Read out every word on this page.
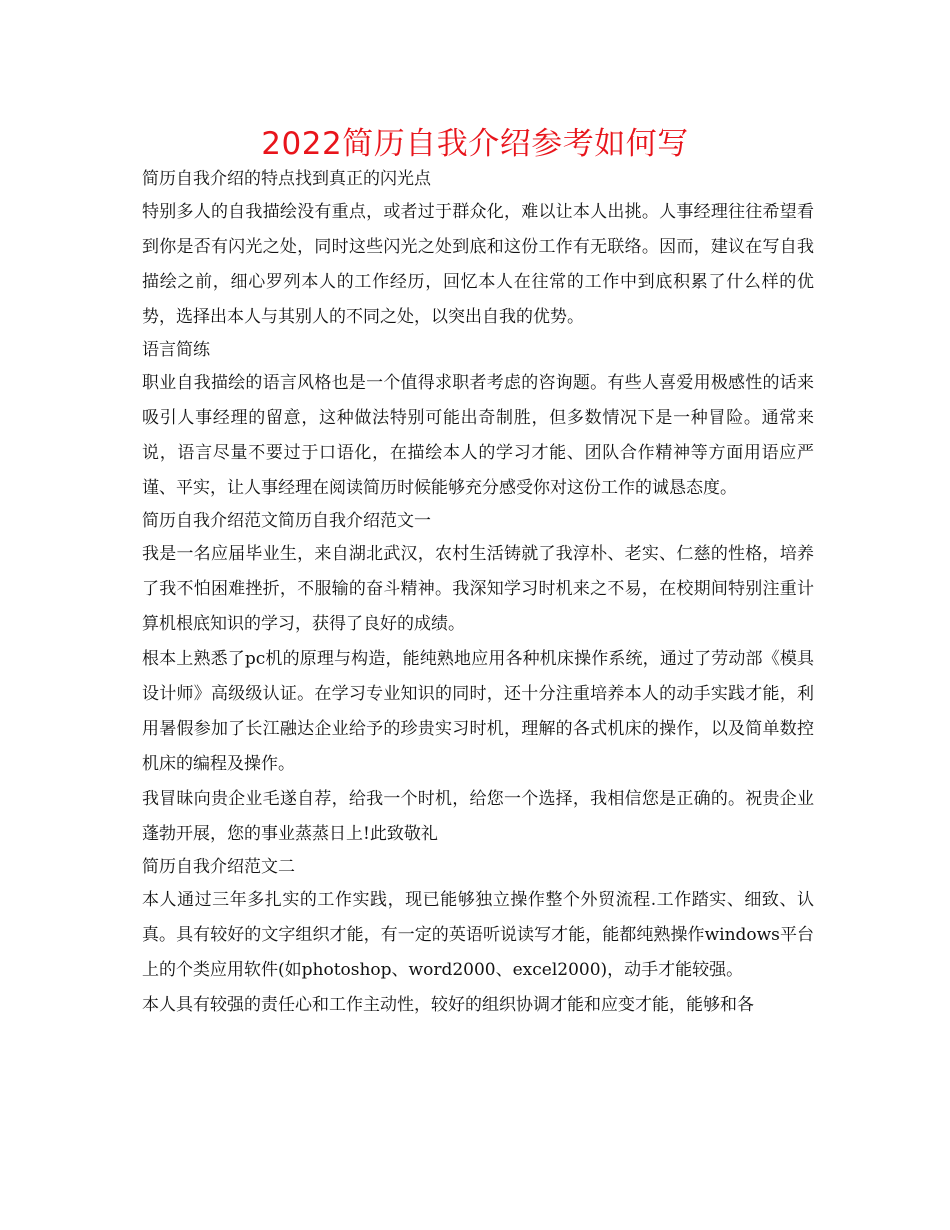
2022简历自我介绍参考如何写

简历自我介绍的特点找到真正的闪光点

特别多人的自我描绘没有重点，或者过于群众化，难以让本人出挑。人事经理往往希望看到你是否有闪光之处，同时这些闪光之处到底和这份工作有无联络。因而，建议在写自我描绘之前，细心罗列本人的工作经历，回忆本人在往常的工作中到底积累了什么样的优势，选择出本人与其别人的不同之处，以突出自我的优势。

语言简练

职业自我描绘的语言风格也是一个值得求职者考虑的咨询题。有些人喜爱用极感性的话来吸引人事经理的留意，这种做法特别可能出奇制胜，但多数情况下是一种冒险。通常来说，语言尽量不要过于口语化，在描绘本人的学习才能、团队合作精神等方面用语应严谨、平实，让人事经理在阅读简历时候能够充分感受你对这份工作的诚恳态度。

简历自我介绍范文简历自我介绍范文一

我是一名应届毕业生，来自湖北武汉，农村生活铸就了我淳朴、老实、仁慈的性格，培养了我不怕困难挫折，不服输的奋斗精神。我深知学习时机来之不易，在校期间特别注重计算机根底知识的学习，获得了良好的成绩。

根本上熟悉了pc机的原理与构造，能纯熟地应用各种机床操作系统，通过了劳动部《模具设计师》高级级认证。在学习专业知识的同时，还十分注重培养本人的动手实践才能，利用暑假参加了长江融达企业给予的珍贵实习时机，理解的各式机床的操作，以及简单数控机床的编程及操作。

我冒昧向贵企业毛遂自荐，给我一个时机，给您一个选择，我相信您是正确的。祝贵企业蓬勃开展，您的事业蒸蒸日上!此致敬礼

简历自我介绍范文二

本人通过三年多扎实的工作实践，现已能够独立操作整个外贸流程.工作踏实、细致、认真。具有较好的文字组织才能，有一定的英语听说读写才能，能都纯熟操作windows平台上的个类应用软件(如photoshop、word2000、excel2000)，动手才能较强。

本人具有较强的责任心和工作主动性，较好的组织协调才能和应变才能，能够和各
